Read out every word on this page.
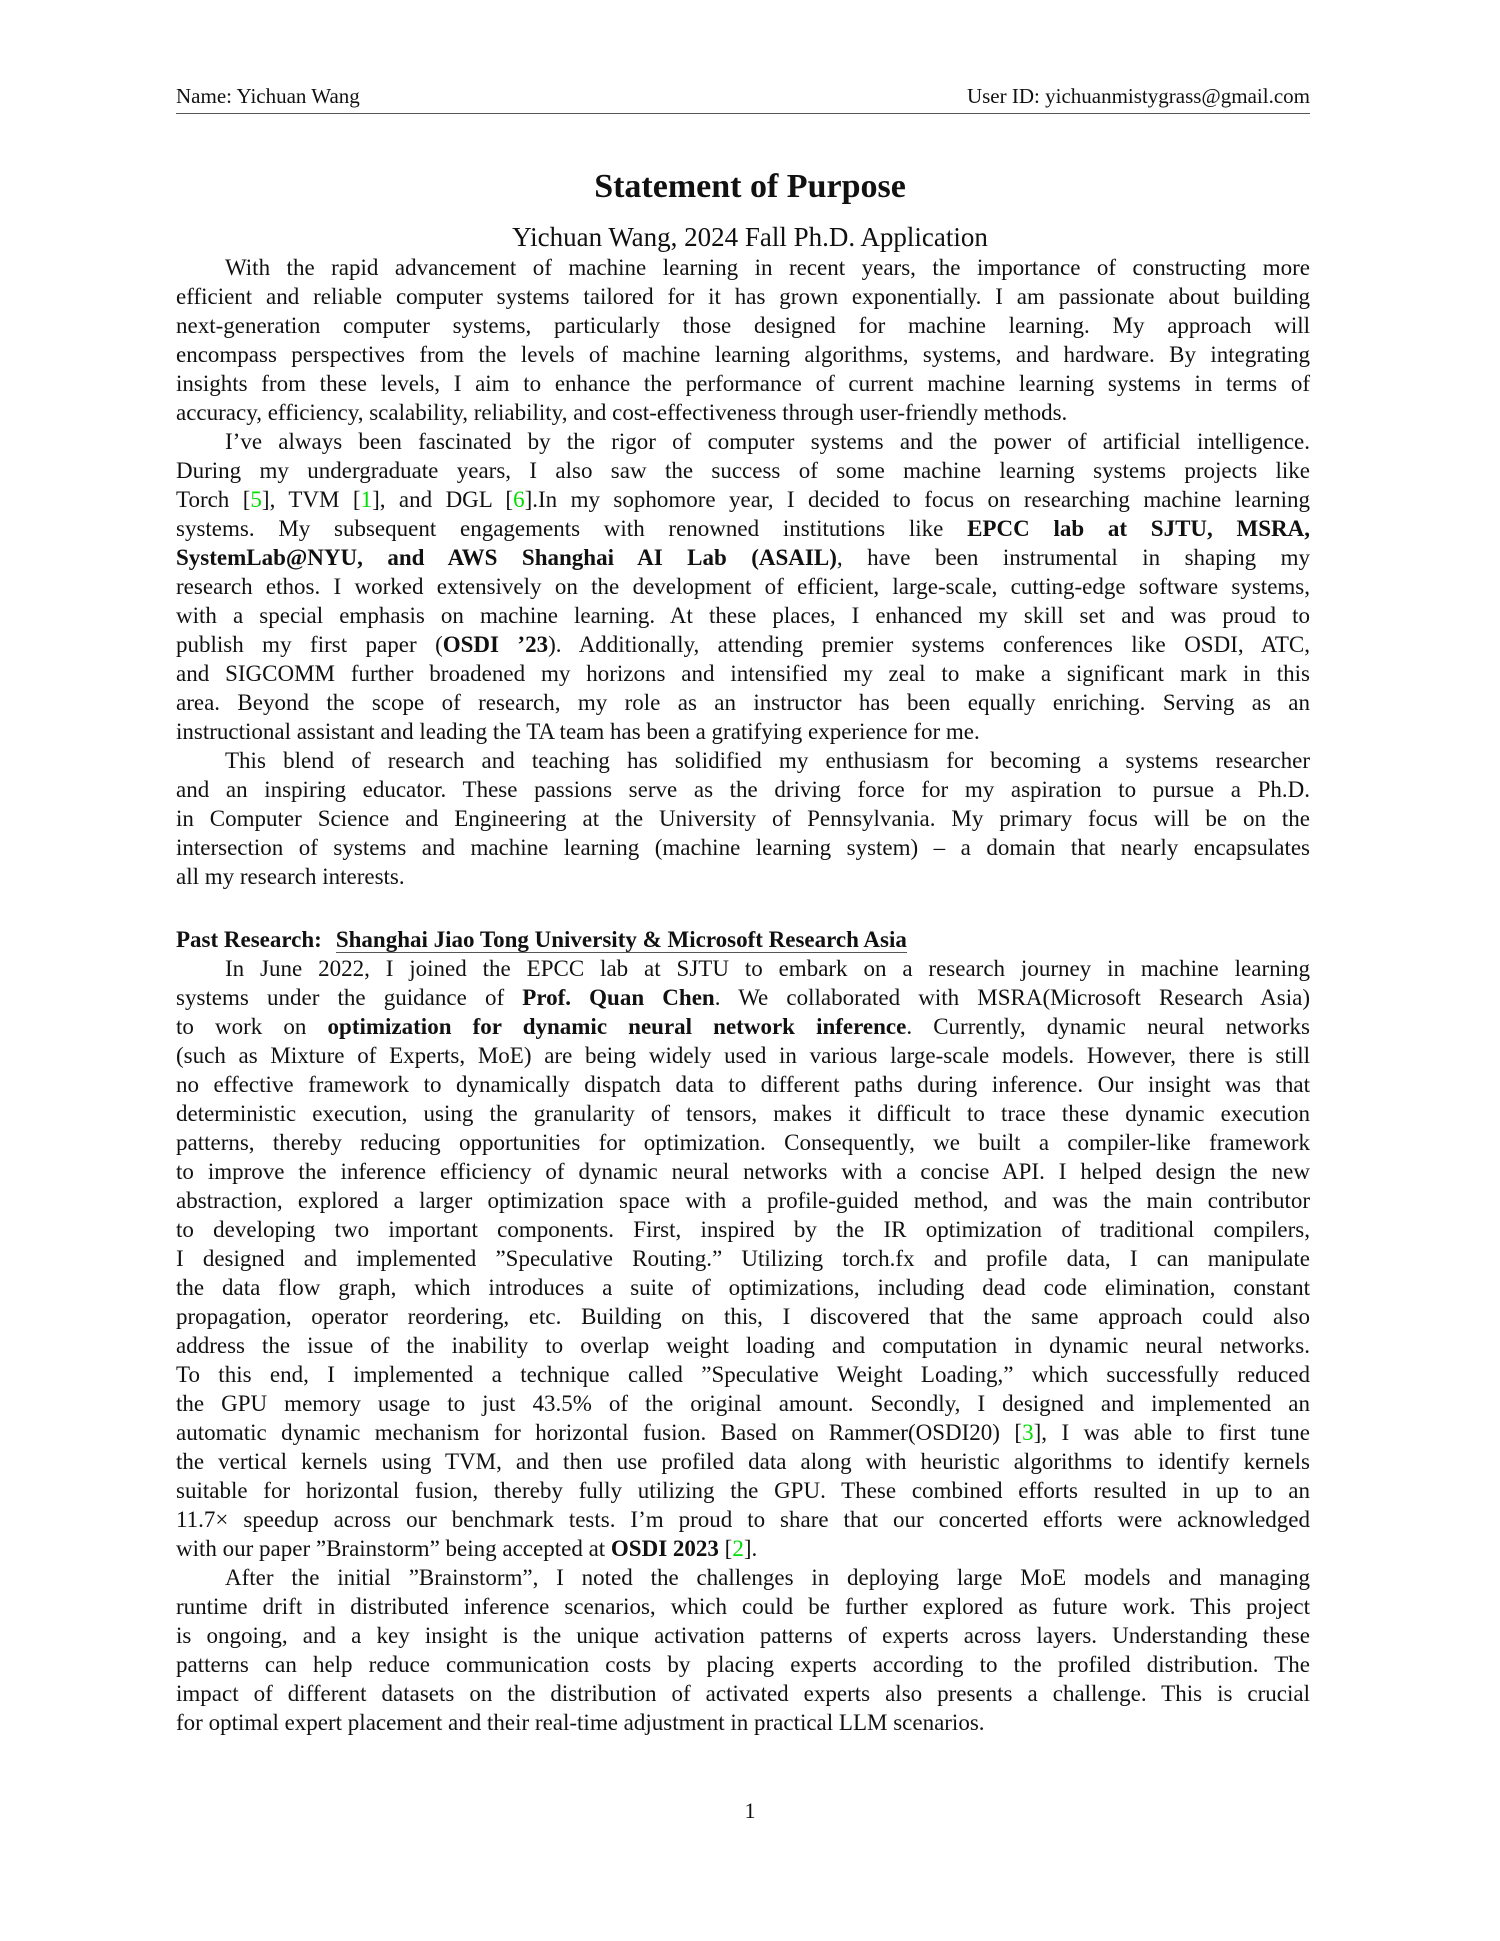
Name: Yichuan Wang	User ID: yichuanmistygrass@gmail.com
Statement of Purpose
Yichuan Wang, 2024 Fall Ph.D. Application
With the rapid advancement of machine learning in recent years, the importance of constructing more
efficient and reliable computer systems tailored for it has grown exponentially. I am passionate about building
next-generation computer systems, particularly those designed for machine learning. My approach will
encompass perspectives from the levels of machine learning algorithms, systems, and hardware. By integrating
insights from these levels, I aim to enhance the performance of current machine learning systems in terms of
accuracy, efficiency, scalability, reliability, and cost-effectiveness through user-friendly methods.
I’ve always been fascinated by the rigor of computer systems and the power of artificial intelligence.
During my undergraduate years, I also saw the success of some machine learning systems projects like
Torch [5], TVM [1], and DGL [6].In my sophomore year, I decided to focus on researching machine learning
systems. My subsequent engagements with renowned institutions like EPCC lab at SJTU, MSRA,
SystemLab@NYU, and AWS Shanghai AI Lab (ASAIL), have been instrumental in shaping my
research ethos. I worked extensively on the development of efficient, large-scale, cutting-edge software systems,
with a special emphasis on machine learning. At these places, I enhanced my skill set and was proud to
publish my first paper (OSDI ’23). Additionally, attending premier systems conferences like OSDI, ATC,
and SIGCOMM further broadened my horizons and intensified my zeal to make a significant mark in this
area. Beyond the scope of research, my role as an instructor has been equally enriching. Serving as an
instructional assistant and leading the TA team has been a gratifying experience for me.
This blend of research and teaching has solidified my enthusiasm for becoming a systems researcher
and an inspiring educator. These passions serve as the driving force for my aspiration to pursue a Ph.D.
in Computer Science and Engineering at the University of Pennsylvania. My primary focus will be on the
intersection of systems and machine learning (machine learning system) – a domain that nearly encapsulates
all my research interests.
Past Research: Shanghai Jiao Tong University & Microsoft Research Asia
In June 2022, I joined the EPCC lab at SJTU to embark on a research journey in machine learning
systems under the guidance of Prof. Quan Chen. We collaborated with MSRA(Microsoft Research Asia)
to work on optimization for dynamic neural network inference. Currently, dynamic neural networks
(such as Mixture of Experts, MoE) are being widely used in various large-scale models. However, there is still
no effective framework to dynamically dispatch data to different paths during inference. Our insight was that
deterministic execution, using the granularity of tensors, makes it difficult to trace these dynamic execution
patterns, thereby reducing opportunities for optimization. Consequently, we built a compiler-like framework
to improve the inference efficiency of dynamic neural networks with a concise API. I helped design the new
abstraction, explored a larger optimization space with a profile-guided method, and was the main contributor
to developing two important components. First, inspired by the IR optimization of traditional compilers,
I designed and implemented ”Speculative Routing.” Utilizing torch.fx and profile data, I can manipulate
the data flow graph, which introduces a suite of optimizations, including dead code elimination, constant
propagation, operator reordering, etc. Building on this, I discovered that the same approach could also
address the issue of the inability to overlap weight loading and computation in dynamic neural networks.
To this end, I implemented a technique called ”Speculative Weight Loading,” which successfully reduced
the GPU memory usage to just 43.5% of the original amount. Secondly, I designed and implemented an
automatic dynamic mechanism for horizontal fusion. Based on Rammer(OSDI20) [3], I was able to first tune
the vertical kernels using TVM, and then use profiled data along with heuristic algorithms to identify kernels
suitable for horizontal fusion, thereby fully utilizing the GPU. These combined efforts resulted in up to an
11.7× speedup across our benchmark tests. I’m proud to share that our concerted efforts were acknowledged
with our paper ”Brainstorm” being accepted at OSDI 2023 [2].
After the initial ”Brainstorm”, I noted the challenges in deploying large MoE models and managing
runtime drift in distributed inference scenarios, which could be further explored as future work. This project
is ongoing, and a key insight is the unique activation patterns of experts across layers. Understanding these
patterns can help reduce communication costs by placing experts according to the profiled distribution. The
impact of different datasets on the distribution of activated experts also presents a challenge. This is crucial
for optimal expert placement and their real-time adjustment in practical LLM scenarios.
1
